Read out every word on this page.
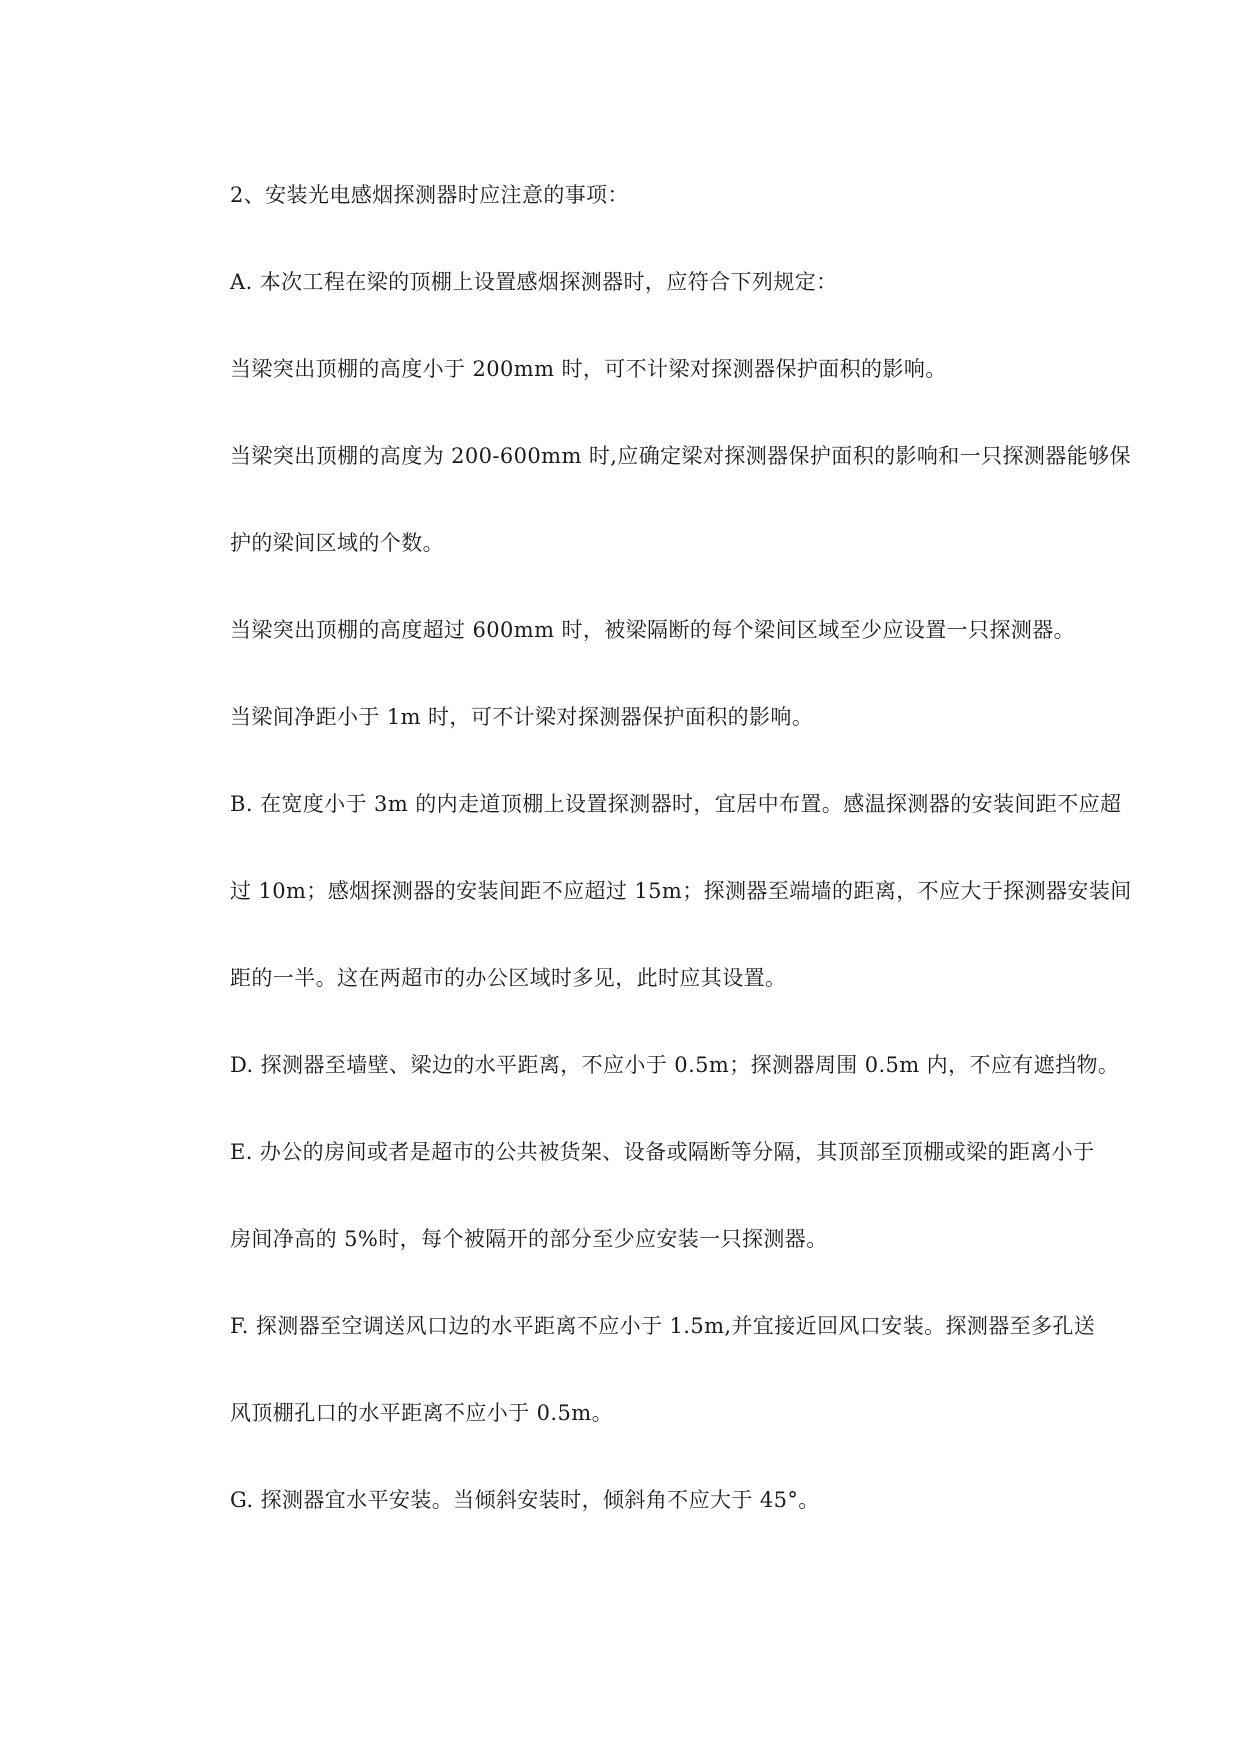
2、安装光电感烟探测器时应注意的事项：
A. 本次工程在梁的顶棚上设置感烟探测器时，应符合下列规定：
当梁突出顶棚的高度小于 200mm 时，可不计梁对探测器保护面积的影响。
当梁突出顶棚的高度为 200-600mm 时,应确定梁对探测器保护面积的影响和一只探测器能够保
护的梁间区域的个数。
当梁突出顶棚的高度超过 600mm 时，被梁隔断的每个梁间区域至少应设置一只探测器。
当梁间净距小于 1m 时，可不计梁对探测器保护面积的影响。
B. 在宽度小于 3m 的内走道顶棚上设置探测器时，宜居中布置。感温探测器的安装间距不应超
过 10m；感烟探测器的安装间距不应超过 15m；探测器至端墙的距离，不应大于探测器安装间
距的一半。这在两超市的办公区域时多见，此时应其设置。
D. 探测器至墙壁、梁边的水平距离，不应小于 0.5m；探测器周围 0.5m 内，不应有遮挡物。
E. 办公的房间或者是超市的公共被货架、设备或隔断等分隔，其顶部至顶棚或梁的距离小于
房间净高的 5%时，每个被隔开的部分至少应安装一只探测器。
F. 探测器至空调送风口边的水平距离不应小于 1.5m,并宜接近回风口安装。探测器至多孔送
风顶棚孔口的水平距离不应小于 0.5m。
G. 探测器宜水平安装。当倾斜安装时，倾斜角不应大于 45°。
